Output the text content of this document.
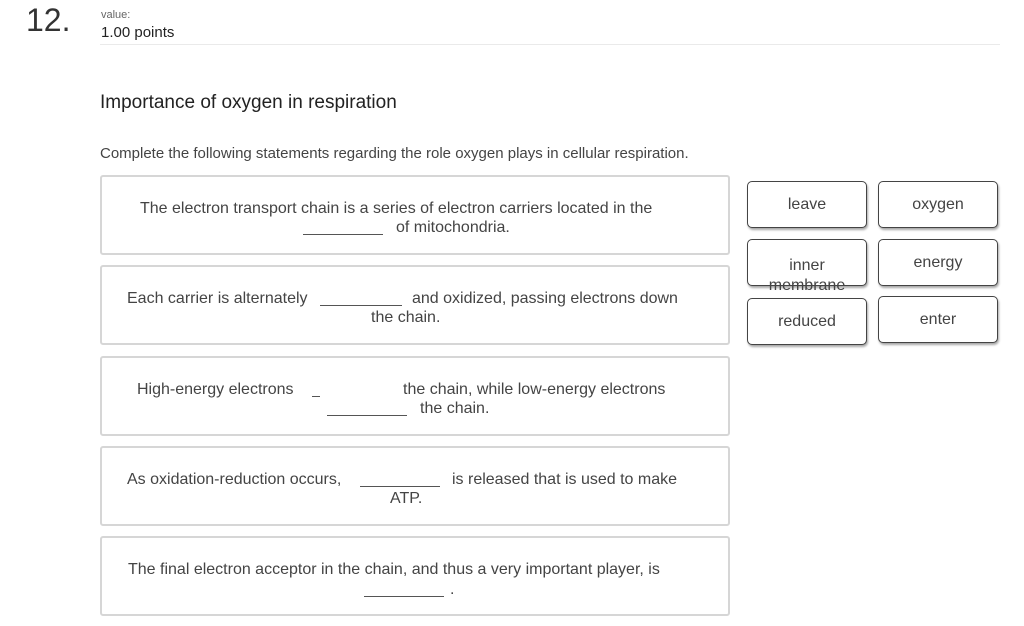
12.	value:
1.00 points
Importance of oxygen in respiration
Complete the following statements regarding the role oxygen plays in cellular respiration.
The electron transport chain is a series of electron carriers located in the
of mitochondria.
Each carrier is alternately	and oxidized, passing electrons down
the chain.
High-energy electrons	the chain, while low-energy electrons
the chain.
As oxidation-reduction occurs,	is released that is used to make
ATP.
The final electron acceptor in the chain, and thus a very important player, is
.
leave	oxygen
inner
membrane
energy
reduced	enter
